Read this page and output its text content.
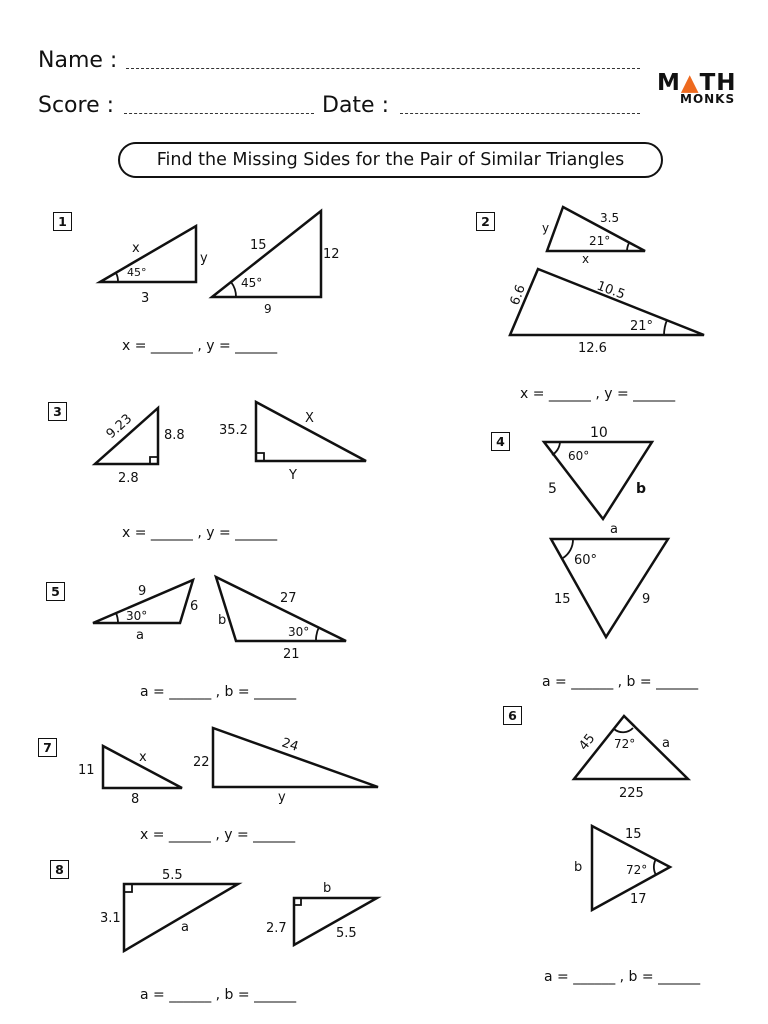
Name :
Score :	Date :
M▲TH
MONKS
Find the Missing Sides for the Pair of Similar Triangles
1	2
3
4
5
6
7
8
x = ______ , y = ______
x = ______ , y = ______
x = ______ , y = ______
a = ______ , b = ______
a = ______ , b = ______
a = ______ , b = ______
x = ______ , y = ______
a = ______ , b = ______
x
y
45°
3
15
12
45°
9
y
3.5
21°
x
6.6	10.5
21°
12.6
9.23 8.8
2.8
35.2
X
Y
10
60°
5	b
a
60°
15	9
9
30°
6
a
27
b
30°
21
45 72° a
225
15
b	72°
17
x
11
8
22
24
y
5.5
3.1
a
b
2.7	5.5
